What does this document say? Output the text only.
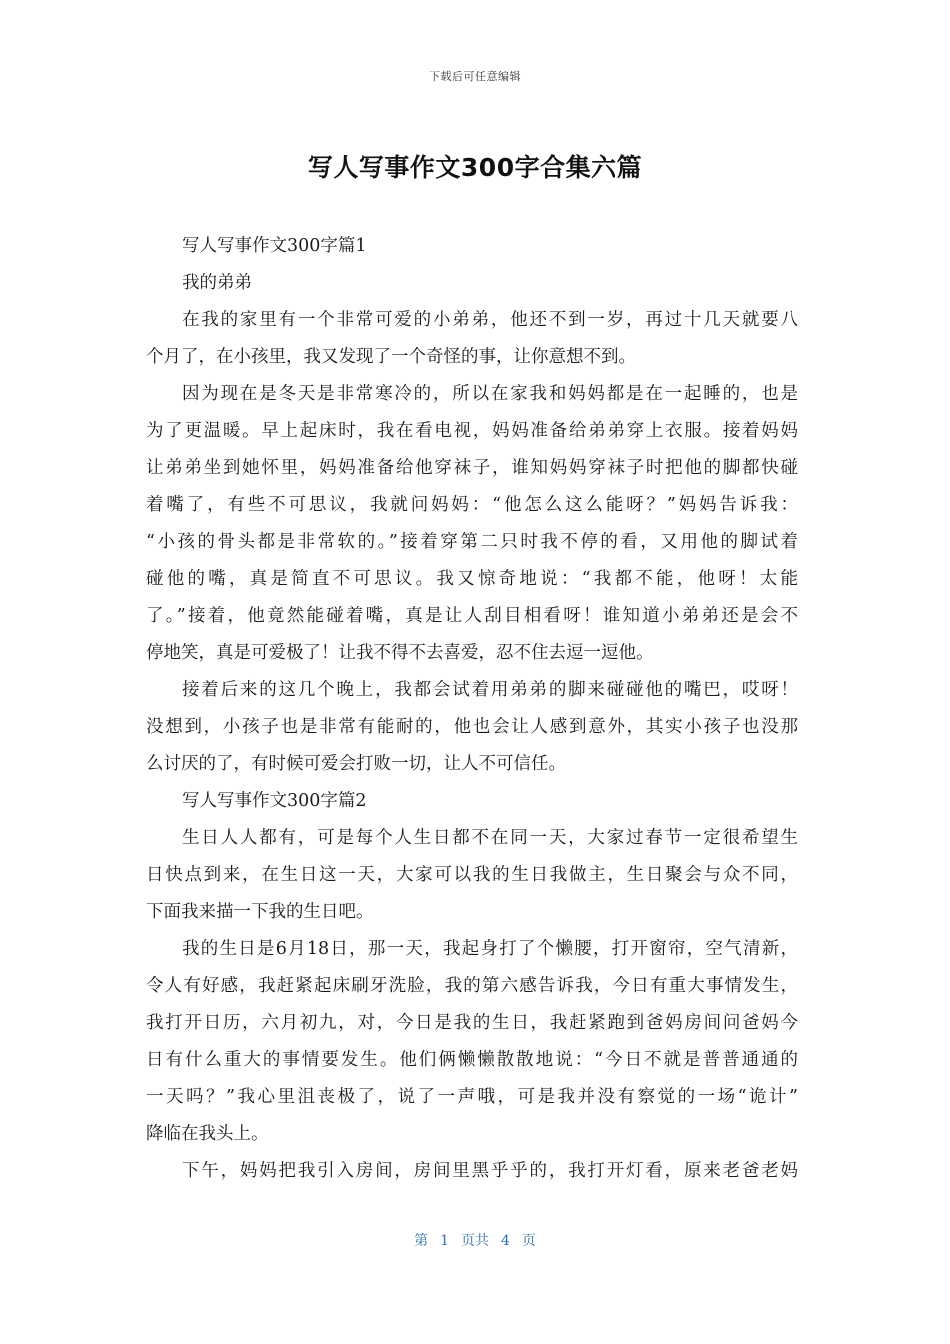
下载后可任意编辑
写人写事作文300字合集六篇
写人写事作文300字篇1
我的弟弟
在我的家里有一个非常可爱的小弟弟，他还不到一岁，再过十几天就要八
个月了，在小孩里，我又发现了一个奇怪的事，让你意想不到。
因为现在是冬天是非常寒冷的，所以在家我和妈妈都是在一起睡的，也是
为了更温暖。早上起床时，我在看电视，妈妈准备给弟弟穿上衣服。接着妈妈
让弟弟坐到她怀里，妈妈准备给他穿袜子，谁知妈妈穿袜子时把他的脚都快碰
着嘴了，有些不可思议，我就问妈妈：“他怎么这么能呀？”妈妈告诉我：
“小孩的骨头都是非常软的。”接着穿第二只时我不停的看，又用他的脚试着
碰他的嘴，真是简直不可思议。我又惊奇地说：“我都不能，他呀！太能
了。”接着，他竟然能碰着嘴，真是让人刮目相看呀！谁知道小弟弟还是会不
停地笑，真是可爱极了！让我不得不去喜爱，忍不住去逗一逗他。
接着后来的这几个晚上，我都会试着用弟弟的脚来碰碰他的嘴巴，哎呀！
没想到，小孩子也是非常有能耐的，他也会让人感到意外，其实小孩子也没那
么讨厌的了，有时候可爱会打败一切，让人不可信任。
写人写事作文300字篇2
生日人人都有，可是每个人生日都不在同一天，大家过春节一定很希望生
日快点到来，在生日这一天，大家可以我的生日我做主，生日聚会与众不同，
下面我来描一下我的生日吧。
我的生日是6月18日，那一天，我起身打了个懒腰，打开窗帘，空气清新，
令人有好感，我赶紧起床刷牙洗脸，我的第六感告诉我，今日有重大事情发生，
我打开日历，六月初九，对，今日是我的生日，我赶紧跑到爸妈房间问爸妈今
日有什么重大的事情要发生。他们俩懒懒散散地说：“今日不就是普普通通的
一天吗？”我心里沮丧极了，说了一声哦，可是我并没有察觉的一场“诡计”
降临在我头上。
下午，妈妈把我引入房间，房间里黑乎乎的，我打开灯看，原来老爸老妈
第 1 页共 4 页
